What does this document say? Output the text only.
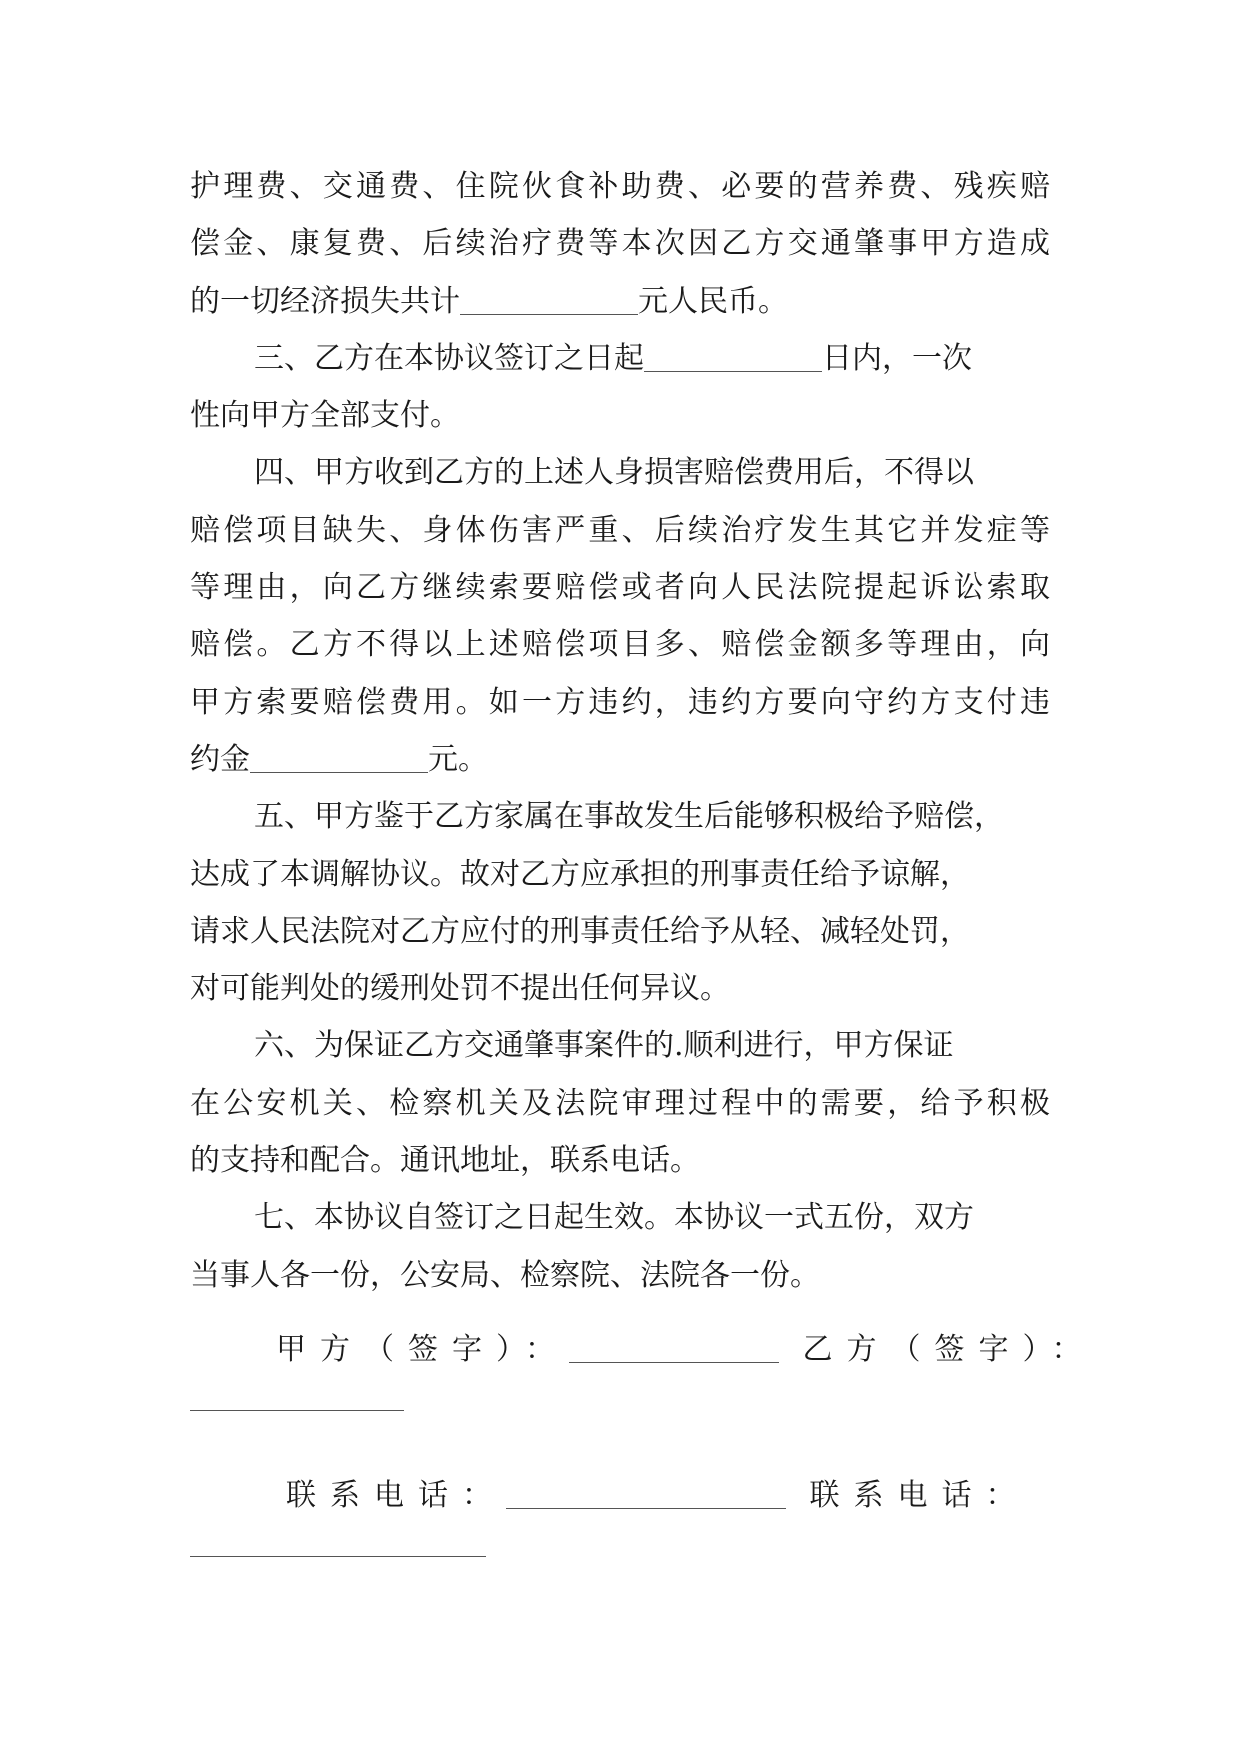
护理费、交通费、住院伙食补助费、必要的营养费、残疾赔
偿金、康复费、后续治疗费等本次因乙方交通肇事甲方造成
的一切经济损失共计	元人民币。
三、乙方在本协议签订之日起	日内，一次
性向甲方全部支付。
四、甲方收到乙方的上述人身损害赔偿费用后，不得以
赔偿项目缺失、身体伤害严重、后续治疗发生其它并发症等
等理由，向乙方继续索要赔偿或者向人民法院提起诉讼索取
赔偿。乙方不得以上述赔偿项目多、赔偿金额多等理由，向
甲方索要赔偿费用。如一方违约，违约方要向守约方支付违
约金	元。
五、甲方鉴于乙方家属在事故发生后能够积极给予赔偿，
达成了本调解协议。故对乙方应承担的刑事责任给予谅解，
请求人民法院对乙方应付的刑事责任给予从轻、减轻处罚，
对可能判处的缓刑处罚不提出任何异议。
六、为保证乙方交通肇事案件的.顺利进行，甲方保证
在公安机关、检察机关及法院审理过程中的需要，给予积极
的支持和配合。通讯地址，联系电话。
七、本协议自签订之日起生效。本协议一式五份，双方
当事人各一份，公安局、检察院、法院各一份。
甲方（签字）：	乙方（签字）：
联系电话：	联系电话：
